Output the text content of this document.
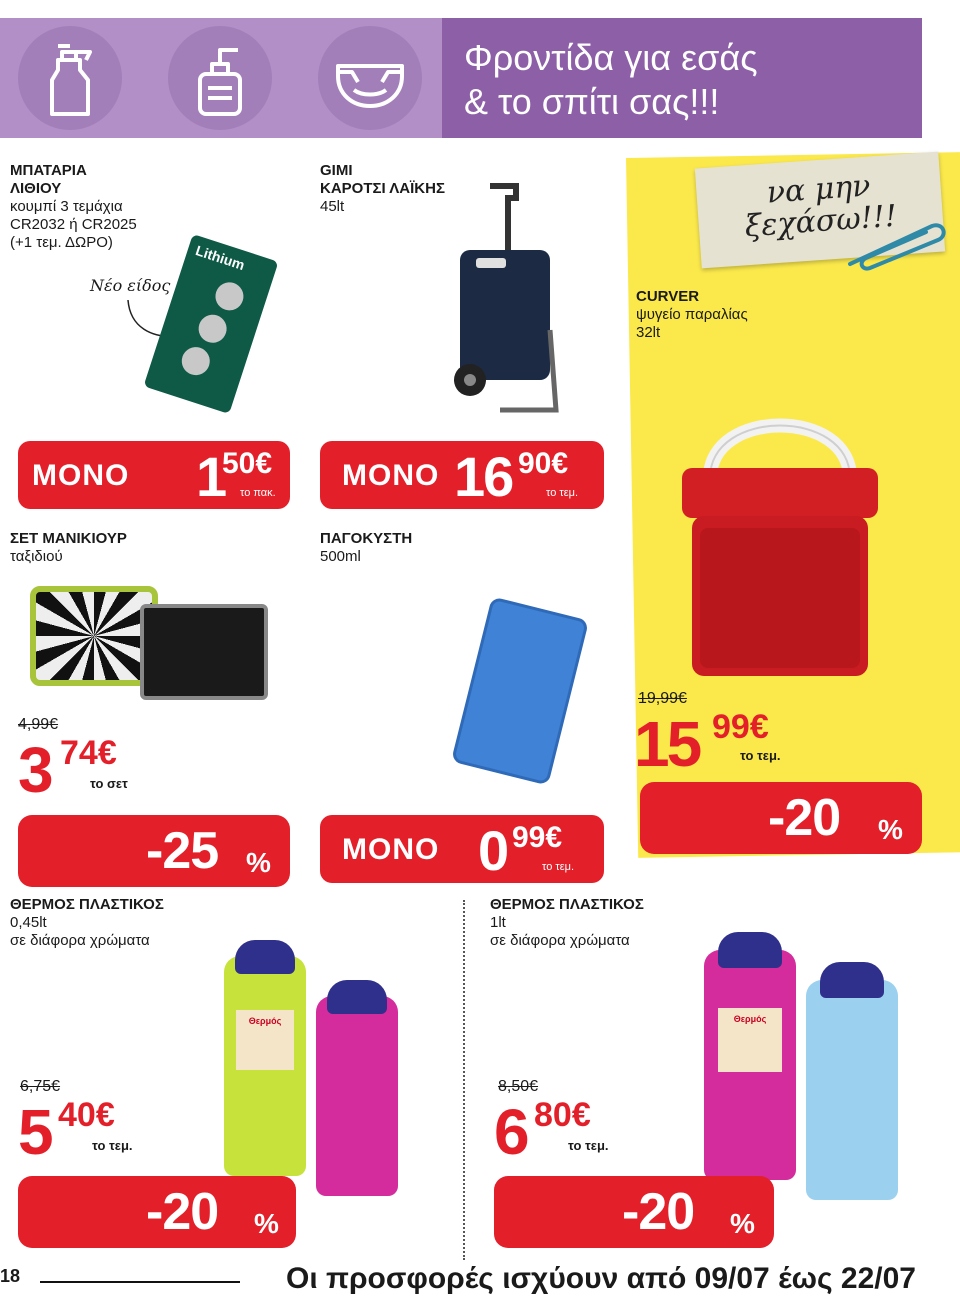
Φροντίδα για εσάς
& το σπίτι σας!!!
να μην
ξεχάσω!!!
ΜΠΑΤΑΡΙΑ
ΛΙΘΙΟΥ
κουμπί 3 τεμάχια
CR2032 ή CR2025
(+1 τεμ. ΔΩΡΟ)
Νέο είδος
Lithium
ΜΟΝΟ 1
50€
το πακ.
GIMI
ΚΑΡΟΤΣΙ ΛΑΪΚΗΣ
45lt
ΜΟΝΟ 16 90€
το τεμ.
CURVER
ψυγείο παραλίας
32lt
19,99€
15 99€
το τεμ.
-20 %
ΣΕΤ ΜΑΝΙΚΙΟΥΡ
ταξιδιού
4,99€
3 74€
το σετ
-25 %
ΠΑΓΟΚΥΣΤΗ
500ml
ΜΟΝΟ 0 99€
το τεμ.
ΘΕΡΜΟΣ ΠΛΑΣΤΙΚΟΣ
0,45lt
σε διάφορα χρώματα
Θερμός
6,75€
5 40€
το τεμ.
-20 %
ΘΕΡΜΟΣ ΠΛΑΣΤΙΚΟΣ
1lt
σε διάφορα χρώματα
Θερμός
8,50€
6 80€
το τεμ.
-20 %
18	Οι προσφορές ισχύουν από 09/07 έως 22/07
